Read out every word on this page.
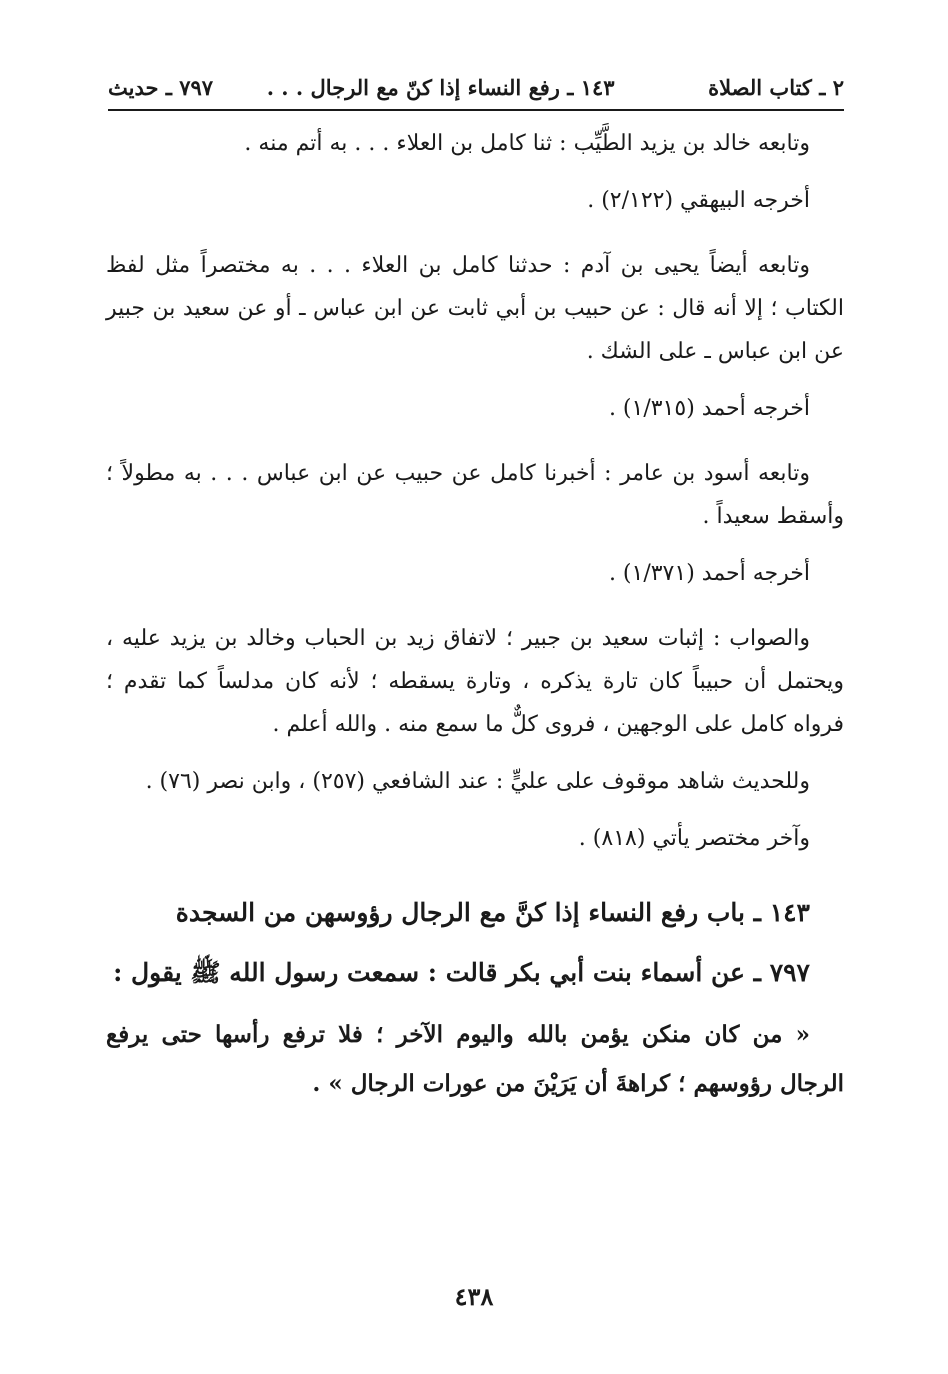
٢ ـ كتاب الصلاة
١٤٣ ـ رفع النساء إذا كنّ مع الرجال . . .
٧٩٧ ـ حديث

وتابعه خالد بن يزيد الطَّيِّب : ثنا كامل بن العلاء . . . به أتم منه .

أخرجه البيهقي (٢/١٢٢) .

وتابعه أيضاً يحيى بن آدم : حدثنا كامل بن العلاء . . . به مختصراً مثل لفظ الكتاب ؛ إلا أنه قال : عن حبيب بن أبي ثابت عن ابن عباس ـ أو عن سعيد بن جبير عن ابن عباس ـ على الشك .

أخرجه أحمد (١/٣١٥) .

وتابعه أسود بن عامر : أخبرنا كامل عن حبيب عن ابن عباس . . . به مطولاً ؛ وأسقط سعيداً .

أخرجه أحمد (١/٣٧١) .

والصواب : إثبات سعيد بن جبير ؛ لاتفاق زيد بن الحباب وخالد بن يزيد عليه ، ويحتمل أن حبيباً كان تارة يذكره ، وتارة يسقطه ؛ لأنه كان مدلساً كما تقدم ؛ فرواه كامل على الوجهين ، فروى كلٌّ ما سمع منه . والله أعلم .

وللحديث شاهد موقوف على عليٍّ : عند الشافعي (٢٥٧) ، وابن نصر (٧٦) .

وآخر مختصر يأتي (٨١٨) .

١٤٣ ـ باب رفع النساء إذا كنَّ مع الرجال رؤوسهن من السجدة

٧٩٧ ـ عن أسماء بنت أبي بكر قالت : سمعت رسول الله ﷺ يقول :

« من كان منكن يؤمن بالله واليوم الآخر ؛ فلا ترفع رأسها حتى يرفع الرجال رؤوسهم ؛ كراهةَ أن يَرَيْنَ من عورات الرجال » .

٤٣٨
